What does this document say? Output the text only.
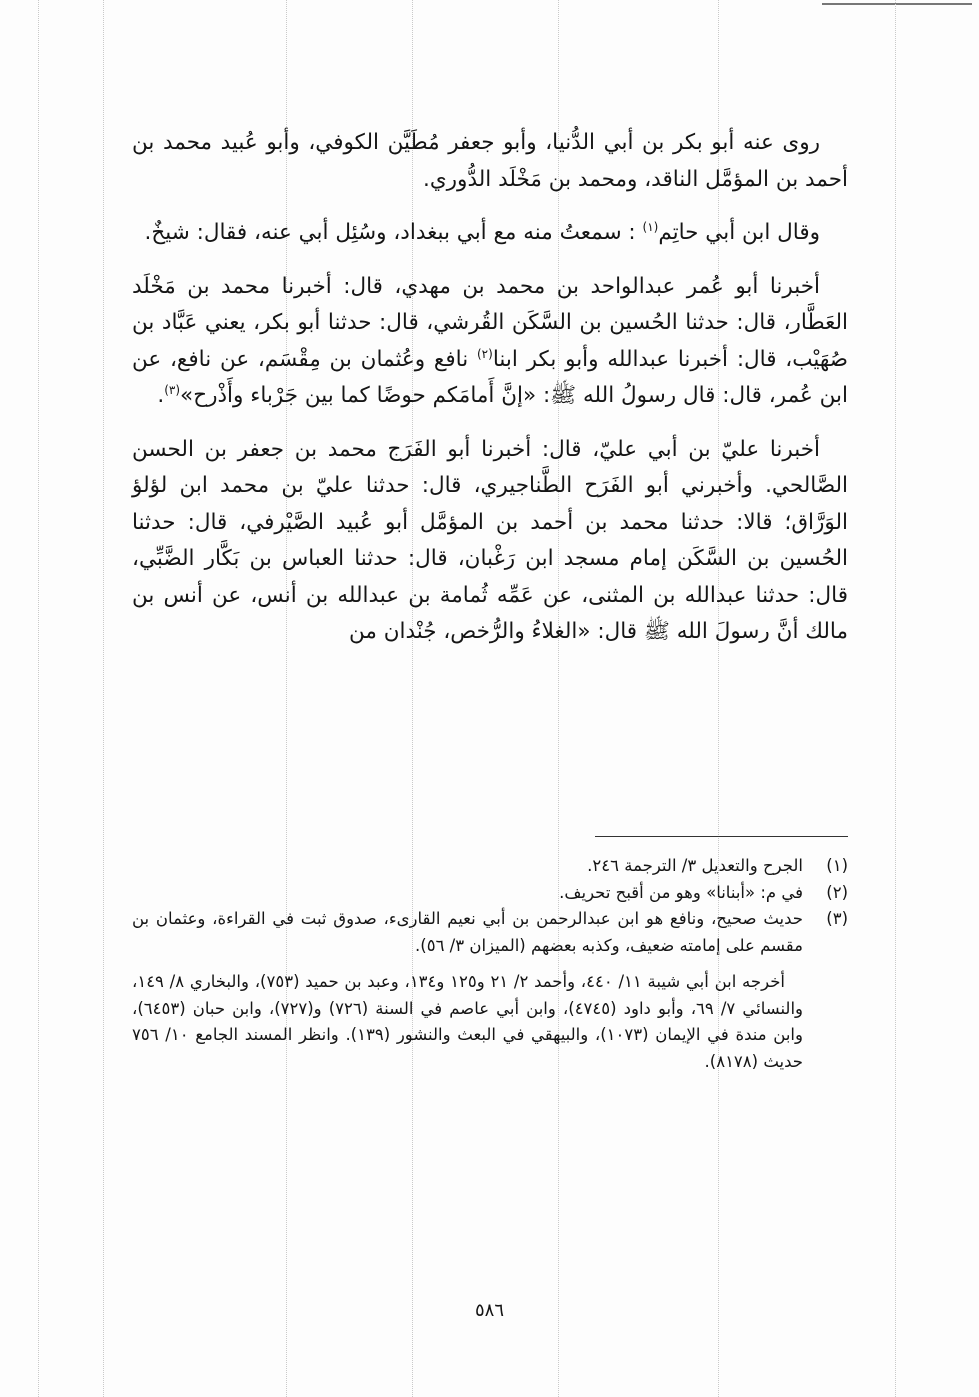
روى عنه أبو بكر بن أبي الدُّنيا، وأبو جعفر مُطَيَّن الكوفي، وأبو عُبيد محمد بن أحمد بن المؤمَّل الناقد، ومحمد بن مَخْلَد الدُّوري.

وقال ابن أبي حاتِم$^{(١)}$ : سمعتُ منه مع أبي ببغداد، وسُئِل أبي عنه، فقال: شيخٌ.

أخبرنا أبو عُمر عبدالواحد بن محمد بن مهدي، قال: أخبرنا محمد بن مَخْلَد العَطَّار، قال: حدثنا الحُسين بن السَّكَن القُرشي، قال: حدثنا أبو بكر، يعني عَبَّاد بن صُهَيْب، قال: أخبرنا عبدالله وأبو بكر ابنا$^{(٢)}$ نافع وعُثمان بن مِقْسَم، عن نافع، عن ابن عُمر، قال: قال رسولُ الله ﷺ: «إنَّ أَمامَكم حوضًا كما بين جَرْباء وأَذْرح»$^{(٣)}$.

أخبرنا عليّ بن أبي عليّ، قال: أخبرنا أبو الفَرَج محمد بن جعفر بن الحسن الصَّالحي. وأخبرني أبو الفَرَح الطَّناجيري، قال: حدثنا عليّ بن محمد ابن لؤلؤ الوَرَّاق؛ قالا: حدثنا محمد بن أحمد بن المؤمَّل أبو عُبيد الصَّيْرفي، قال: حدثنا الحُسين بن السَّكَن إمام مسجد ابن رَغْبان، قال: حدثنا العباس بن بَكَّار الضَّبِّي، قال: حدثنا عبدالله بن المثنى، عن عَمِّه ثُمامة بن عبدالله بن أنس، عن أنس بن مالك أنَّ رسولَ الله ﷺ قال: «الغلاءُ والرُّخص، جُنْدان من

(١)
الجرح والتعديل ٣/ الترجمة ٢٤٦.
(٢)
في م: «أبنانا» وهو من أقبح تحريف.
(٣)
حديث صحيح، ونافع هو ابن عبدالرحمن بن أبي نعيم القارىء، صدوق ثبت في القراءة، وعثمان بن مقسم على إمامته ضعيف، وكذبه بعضهم (الميزان ٣/ ٥٦).
أخرجه ابن أبي شيبة ١١/ ٤٤٠، وأحمد ٢/ ٢١ و١٢٥ و١٣٤، وعبد بن حميد (٧٥٣)، والبخاري ٨/ ١٤٩، والنسائي ٧/ ٦٩، وأبو داود (٤٧٤٥)، وابن أبي عاصم في السنة (٧٢٦) و(٧٢٧)، وابن حبان (٦٤٥٣)، وابن مندة في الإيمان (١٠٧٣)، والبيهقي في البعث والنشور (١٣٩). وانظر المسند الجامع ١٠/ ٧٥٦ حديث (٨١٧٨).
٥٨٦
